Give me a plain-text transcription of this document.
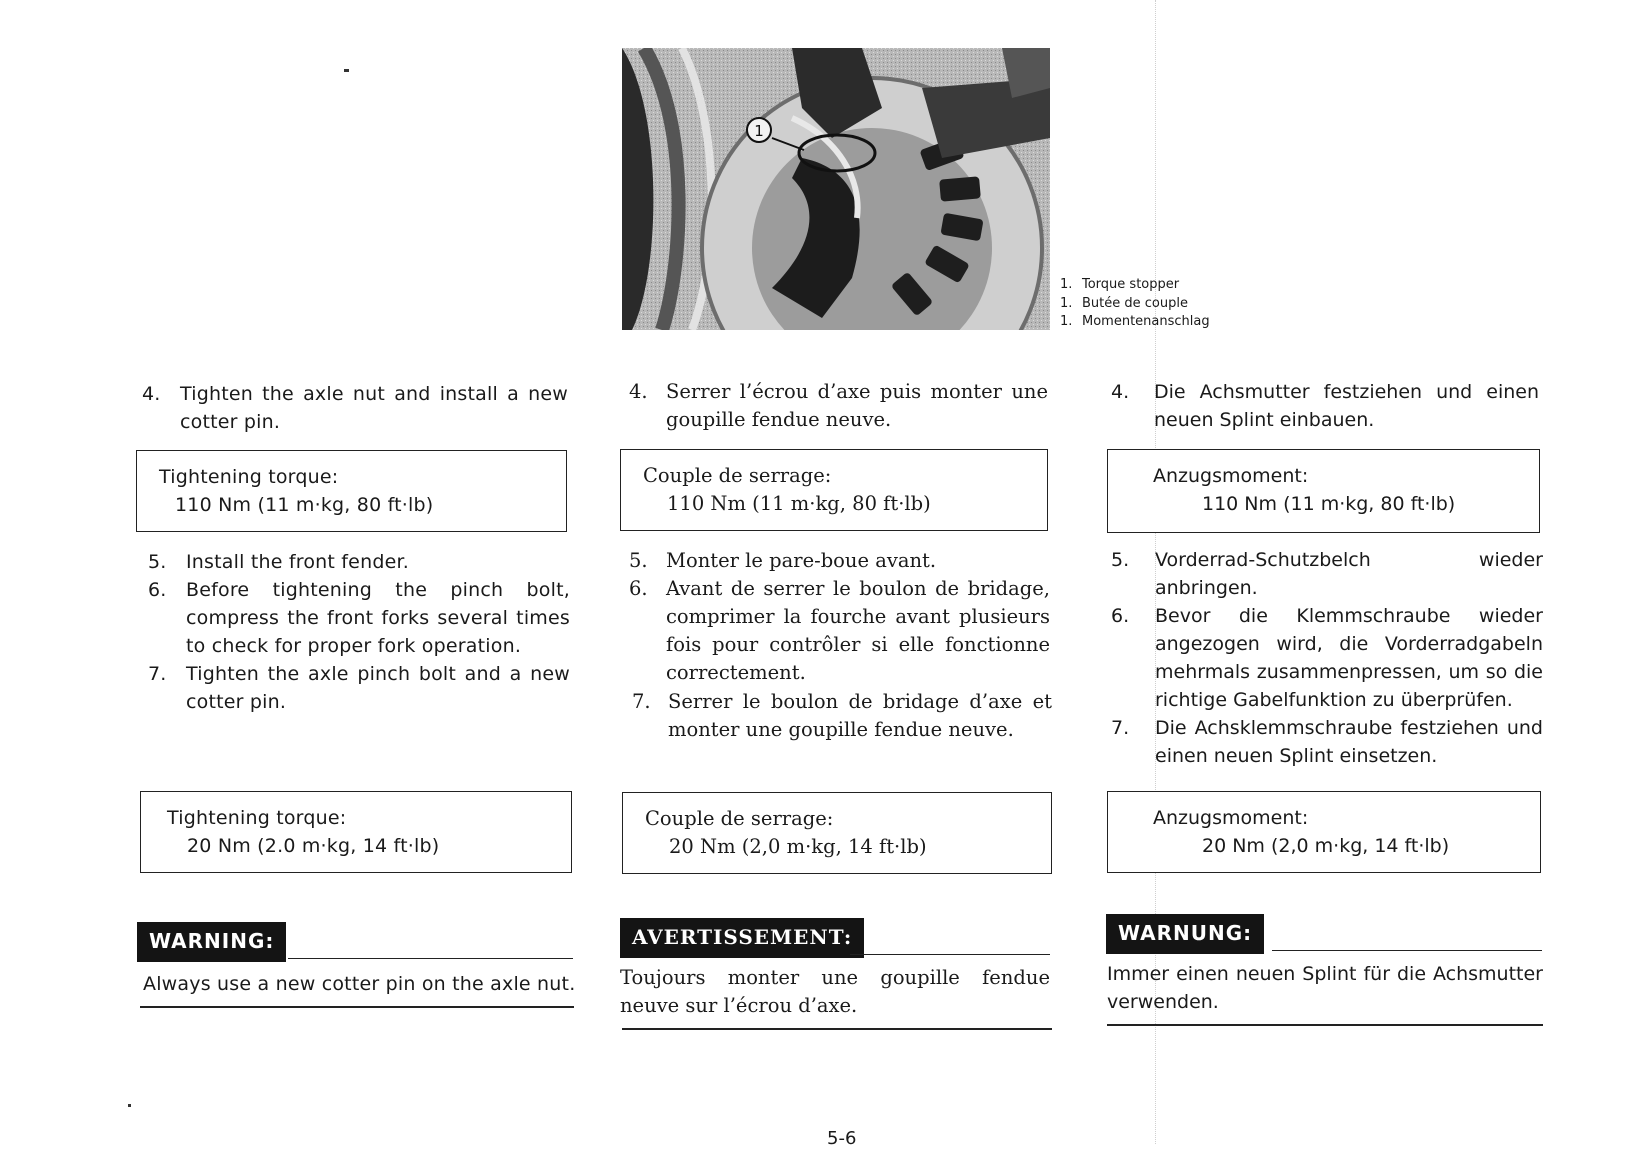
1
1. Torque stopper
1. Butée de couple
1. Momentenanschlag
4. Tighten the axle nut and install a new cotter pin.
Tightening torque:
110 Nm (11 m·kg, 80 ft·lb)
5. Install the front fender.
6. Before tightening the pinch bolt, compress the front forks several times to check for proper fork operation.
7. Tighten the axle pinch bolt and a new cotter pin.
Tightening torque:
20 Nm (2.0 m·kg, 14 ft·lb)
WARNING:
Always use a new cotter pin on the axle nut.
4. Serrer l’écrou d’axe puis monter une goupille fendue neuve.
Couple de serrage:
110 Nm (11 m·kg, 80 ft·lb)
5. Monter le pare-boue avant.
6. Avant de serrer le boulon de bridage, comprimer la fourche avant plusieurs fois pour contrôler si elle fonctionne correctement.
7. Serrer le boulon de bridage d’axe et monter une goupille fendue neuve.
Couple de serrage:
20 Nm (2,0 m·kg, 14 ft·lb)
AVERTISSEMENT:
Toujours monter une goupille fendue neuve sur l’écrou d’axe.
4. Die Achsmutter festziehen und einen neuen Splint einbauen.
Anzugsmoment:
110 Nm (11 m·kg, 80 ft·lb)
5. Vorderrad-Schutzbelch wieder anbringen.
6. Bevor die Klemmschraube wieder angezogen wird, die Vorderradgabeln mehrmals zusammenpressen, um so die richtige Gabelfunktion zu überprüfen.
7. Die Achsklemmschraube festziehen und einen neuen Splint einsetzen.
Anzugsmoment:
20 Nm (2,0 m·kg, 14 ft·lb)
WARNUNG:
Immer einen neuen Splint für die Achsmutter verwenden.
5-6
